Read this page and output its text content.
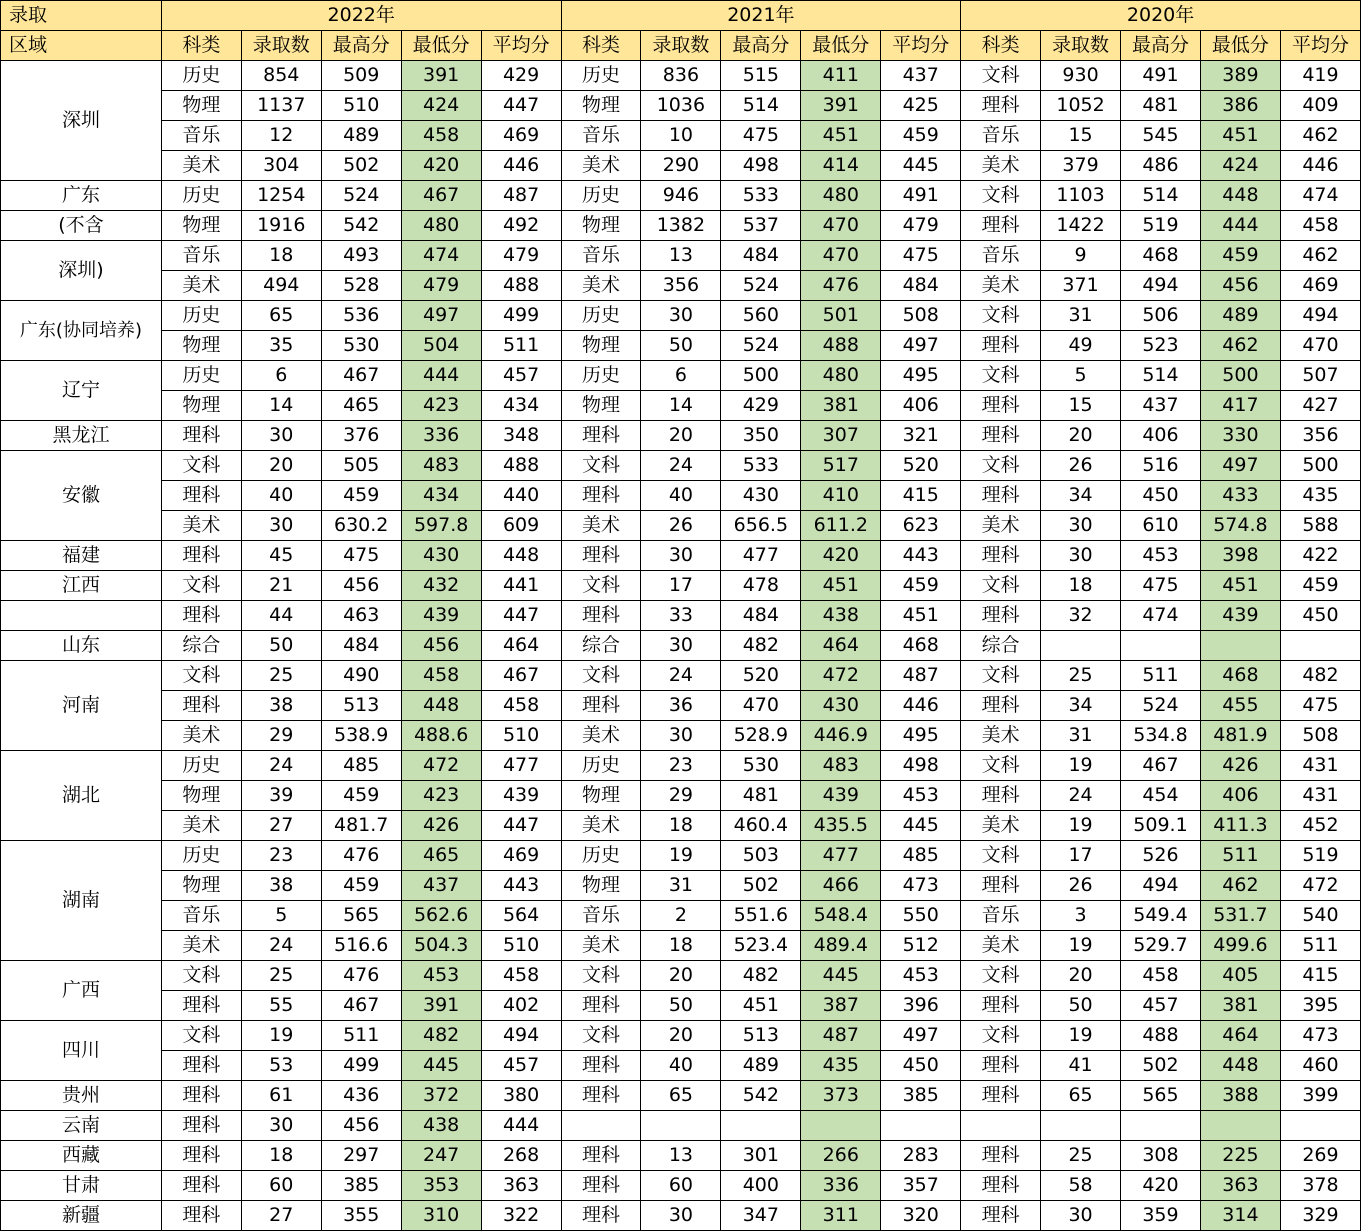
录取	2022年					2021年					2020年				
区域	科类	录取数	最高分	最低分	平均分	科类	录取数	最高分	最低分	平均分	科类	录取数	最高分	最低分	平均分
深圳	历史	854	509	391	429	历史	836	515	411	437	文科	930	491	389	419
	物理	1137	510	424	447	物理	1036	514	391	425	理科	1052	481	386	409
	音乐	12	489	458	469	音乐	10	475	451	459	音乐	15	545	451	462
	美术	304	502	420	446	美术	290	498	414	445	美术	379	486	424	446
广东	历史	1254	524	467	487	历史	946	533	480	491	文科	1103	514	448	474
(不含	物理	1916	542	480	492	物理	1382	537	470	479	理科	1422	519	444	458
深圳)	音乐	18	493	474	479	音乐	13	484	470	475	音乐	9	468	459	462
	美术	494	528	479	488	美术	356	524	476	484	美术	371	494	456	469
广东(协同培养)	历史	65	536	497	499	历史	30	560	501	508	文科	31	506	489	494
	物理	35	530	504	511	物理	50	524	488	497	理科	49	523	462	470
辽宁	历史	6	467	444	457	历史	6	500	480	495	文科	5	514	500	507
	物理	14	465	423	434	物理	14	429	381	406	理科	15	437	417	427
黑龙江	理科	30	376	336	348	理科	20	350	307	321	理科	20	406	330	356
安徽	文科	20	505	483	488	文科	24	533	517	520	文科	26	516	497	500
	理科	40	459	434	440	理科	40	430	410	415	理科	34	450	433	435
	美术	30	630.2	597.8	609	美术	26	656.5	611.2	623	美术	30	610	574.8	588
福建	理科	45	475	430	448	理科	30	477	420	443	理科	30	453	398	422
江西	文科	21	456	432	441	文科	17	478	451	459	文科	18	475	451	459
	理科	44	463	439	447	理科	33	484	438	451	理科	32	474	439	450
山东	综合	50	484	456	464	综合	30	482	464	468	综合				
河南	文科	25	490	458	467	文科	24	520	472	487	文科	25	511	468	482
	理科	38	513	448	458	理科	36	470	430	446	理科	34	524	455	475
	美术	29	538.9	488.6	510	美术	30	528.9	446.9	495	美术	31	534.8	481.9	508
湖北	历史	24	485	472	477	历史	23	530	483	498	文科	19	467	426	431
	物理	39	459	423	439	物理	29	481	439	453	理科	24	454	406	431
	美术	27	481.7	426	447	美术	18	460.4	435.5	445	美术	19	509.1	411.3	452
湖南	历史	23	476	465	469	历史	19	503	477	485	文科	17	526	511	519
	物理	38	459	437	443	物理	31	502	466	473	理科	26	494	462	472
	音乐	5	565	562.6	564	音乐	2	551.6	548.4	550	音乐	3	549.4	531.7	540
	美术	24	516.6	504.3	510	美术	18	523.4	489.4	512	美术	19	529.7	499.6	511
广西	文科	25	476	453	458	文科	20	482	445	453	文科	20	458	405	415
	理科	55	467	391	402	理科	50	451	387	396	理科	50	457	381	395
四川	文科	19	511	482	494	文科	20	513	487	497	文科	19	488	464	473
	理科	53	499	445	457	理科	40	489	435	450	理科	41	502	448	460
贵州	理科	61	436	372	380	理科	65	542	373	385	理科	65	565	388	399
云南	理科	30	456	438	444										
西藏	理科	18	297	247	268	理科	13	301	266	283	理科	25	308	225	269
甘肃	理科	60	385	353	363	理科	60	400	336	357	理科	58	420	363	378
新疆	理科	27	355	310	322	理科	30	347	311	320	理科	30	359	314	329
